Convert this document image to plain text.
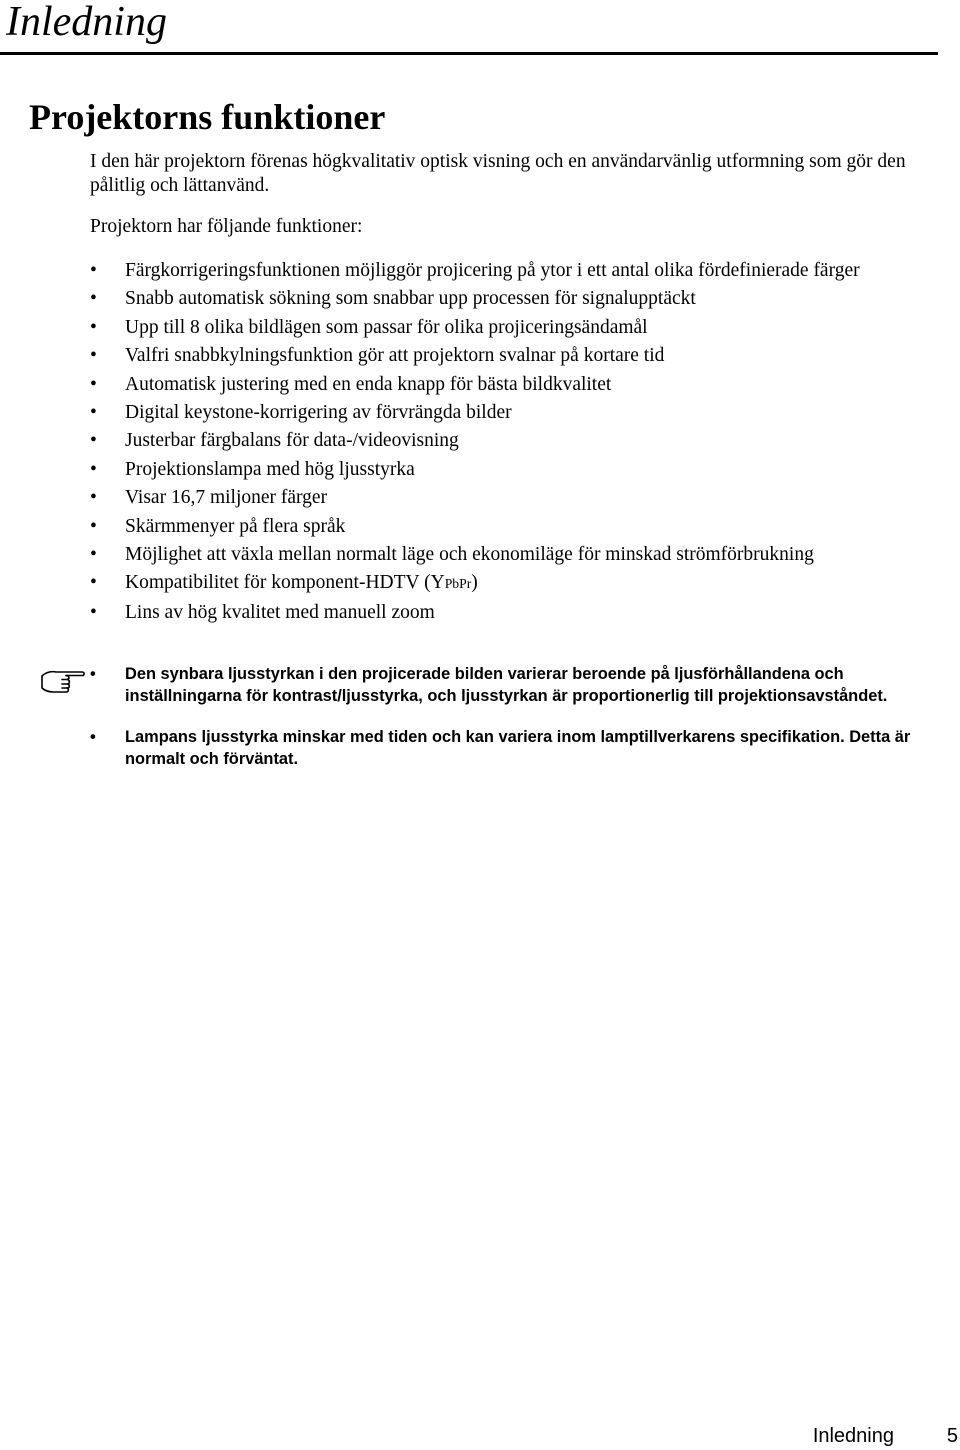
Inledning
Projektorns funktioner

I den här projektorn förenas högkvalitativ optisk visning och en användarvänlig utformning som gör den pålitlig och lättanvänd.

Projektorn har följande funktioner:

• Färgkorrigeringsfunktionen möjliggör projicering på ytor i ett antal olika fördefinierade färger
• Snabb automatisk sökning som snabbar upp processen för signalupptäckt
• Upp till 8 olika bildlägen som passar för olika projiceringsändamål
• Valfri snabbkylningsfunktion gör att projektorn svalnar på kortare tid
• Automatisk justering med en enda knapp för bästa bildkvalitet
• Digital keystone-korrigering av förvrängda bilder
• Justerbar färgbalans för data-/videovisning
• Projektionslampa med hög ljusstyrka
• Visar 16,7 miljoner färger
• Skärmmenyer på flera språk
• Möjlighet att växla mellan normalt läge och ekonomiläge för minskad strömförbrukning
• Kompatibilitet för komponent-HDTV (YPbPr)
• Lins av hög kvalitet med manuell zoom
• Den synbara ljusstyrkan i den projicerade bilden varierar beroende på ljusförhållandena och inställningarna för kontrast/ljusstyrka, och ljusstyrkan är proportionerlig till projektionsavståndet.
• Lampans ljusstyrka minskar med tiden och kan variera inom lamptillverkarens specifikation. Detta är normalt och förväntat.
Inledning	5
